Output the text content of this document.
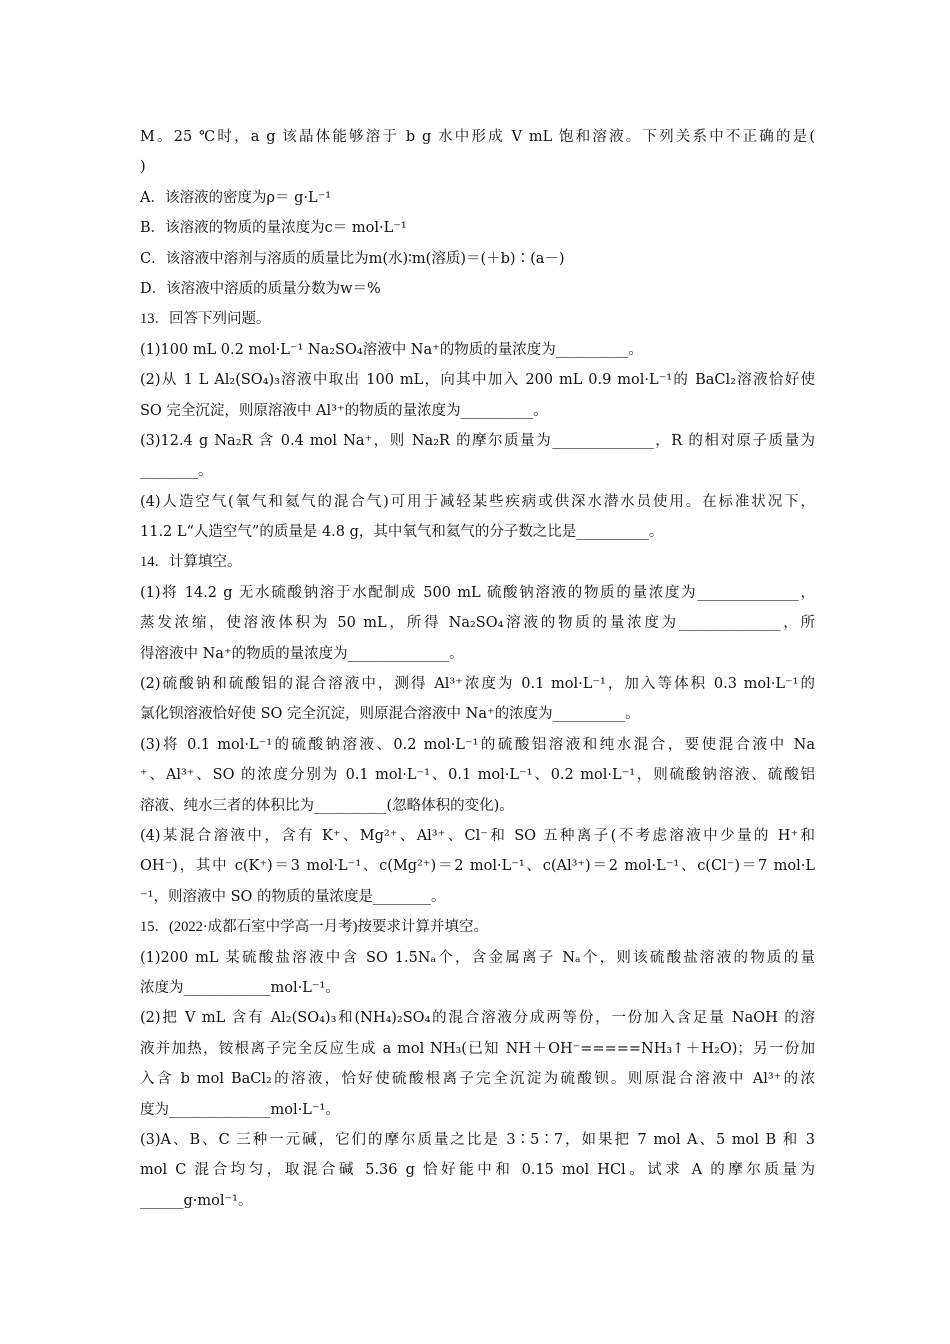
M。25 ℃时，a g 该晶体能够溶于 b g 水中形成 V mL 饱和溶液。下列关系中不正确的是(
)
A．该溶液的密度为ρ＝ g·L⁻¹
B．该溶液的物质的量浓度为c＝ mol·L⁻¹
C．该溶液中溶剂与溶质的质量比为m(水)∶m(溶质)＝(＋b)∶(a－)
D．该溶液中溶质的质量分数为w＝%
13．回答下列问题。
(1)100 mL 0.2 mol·L⁻¹ Na₂SO₄溶液中 Na⁺的物质的量浓度为__________。
(2)从 1 L Al₂(SO₄)₃溶液中取出 100 mL，向其中加入 200 mL 0.9 mol·L⁻¹的 BaCl₂溶液恰好使
SO 完全沉淀，则原溶液中 Al³⁺的物质的量浓度为__________。
(3)12.4 g Na₂R 含 0.4 mol Na⁺，则 Na₂R 的摩尔质量为______________，R 的相对原子质量为
________。
(4)人造空气(氧气和氦气的混合气)可用于减轻某些疾病或供深水潜水员使用。在标准状况下，
11.2 L“人造空气”的质量是 4.8 g，其中氧气和氦气的分子数之比是__________。
14．计算填空。
(1)将 14.2 g 无水硫酸钠溶于水配制成 500 mL 硫酸钠溶液的物质的量浓度为______________，
蒸发浓缩，使溶液体积为 50 mL，所得 Na₂SO₄溶液的物质的量浓度为______________，所
得溶液中 Na⁺的物质的量浓度为______________。
(2)硫酸钠和硫酸铝的混合溶液中，测得 Al³⁺浓度为 0.1 mol·L⁻¹，加入等体积 0.3 mol·L⁻¹的
氯化钡溶液恰好使 SO 完全沉淀，则原混合溶液中 Na⁺的浓度为__________。
(3)将 0.1 mol·L⁻¹的硫酸钠溶液、0.2 mol·L⁻¹的硫酸铝溶液和纯水混合，要使混合液中 Na
⁺、Al³⁺、SO 的浓度分别为 0.1 mol·L⁻¹、0.1 mol·L⁻¹、0.2 mol·L⁻¹，则硫酸钠溶液、硫酸铝
溶液、纯水三者的体积比为__________(忽略体积的变化)。
(4)某混合溶液中，含有 K⁺、Mg²⁺、Al³⁺、Cl⁻和 SO 五种离子(不考虑溶液中少量的 H⁺和
OH⁻)，其中 c(K⁺)＝3 mol·L⁻¹、c(Mg²⁺)＝2 mol·L⁻¹、c(Al³⁺)＝2 mol·L⁻¹、c(Cl⁻)＝7 mol·L
⁻¹，则溶液中 SO 的物质的量浓度是________。
15．(2022·成都石室中学高一月考)按要求计算并填空。
(1)200 mL 某硫酸盐溶液中含 SO 1.5Nₐ个，含金属离子 Nₐ个，则该硫酸盐溶液的物质的量
浓度为____________mol·L⁻¹。
(2)把 V mL 含有 Al₂(SO₄)₃和(NH₄)₂SO₄的混合溶液分成两等份，一份加入含足量 NaOH 的溶
液并加热，铵根离子完全反应生成 a mol NH₃(已知 NH＋OH⁻=====NH₃↑＋H₂O)；另一份加
入含 b mol BaCl₂的溶液，恰好使硫酸根离子完全沉淀为硫酸钡。则原混合溶液中 Al³⁺的浓
度为______________mol·L⁻¹。
(3)A、B、C 三种一元碱，它们的摩尔质量之比是 3∶5∶7，如果把 7 mol A、5 mol B 和 3
mol C 混合均匀，取混合碱 5.36 g 恰好能中和 0.15 mol HCl。试求 A 的摩尔质量为
______g·mol⁻¹。
